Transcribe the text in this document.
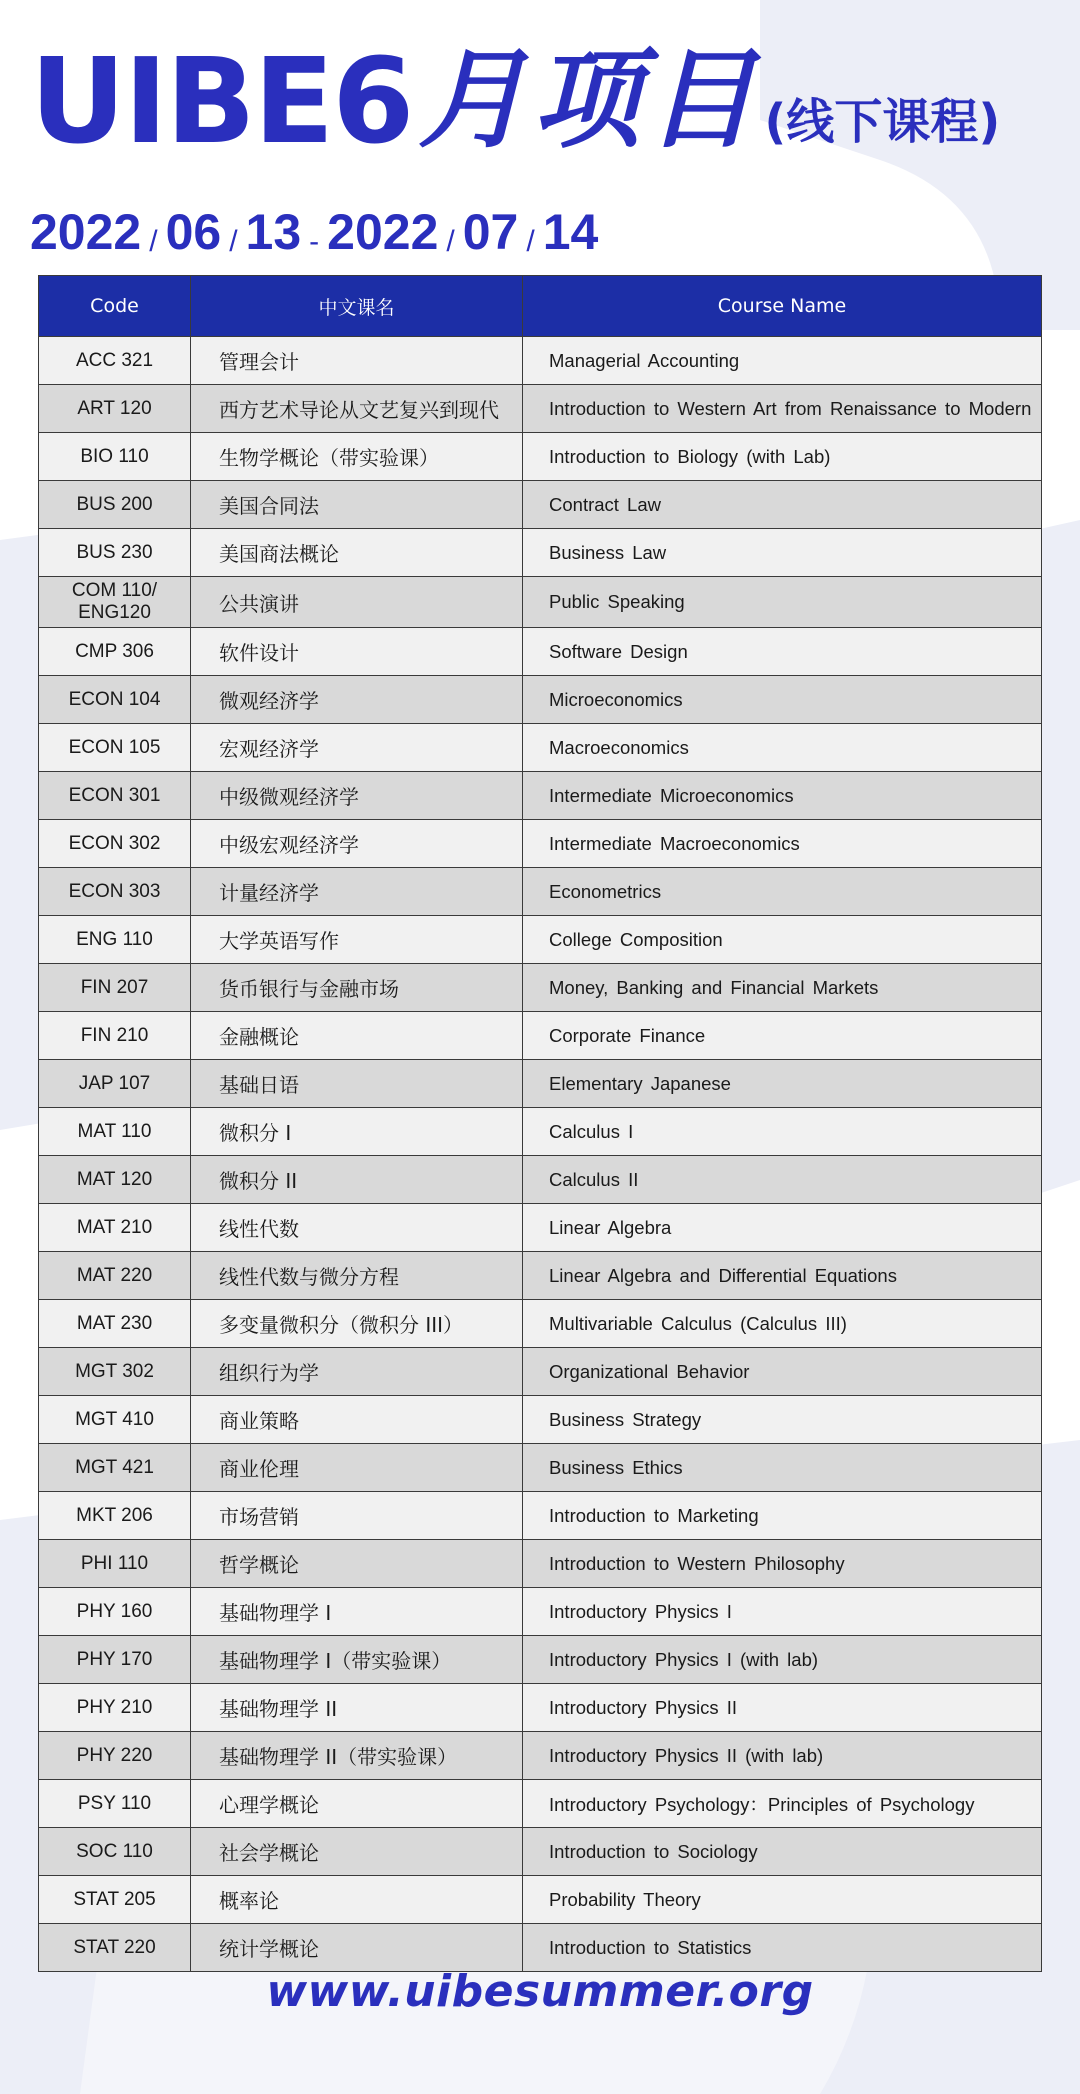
UIBE6 月项目 (线下课程)
2022 / 06 / 13 - 2022 / 07 / 14
Code	中文课名	Course Name
ACC 321	管理会计	Managerial Accounting
ART 120	西方艺术导论从文艺复兴到现代	Introduction to Western Art from Renaissance to Modern
BIO 110	生物学概论（带实验课）	Introduction to Biology (with Lab)
BUS 200	美国合同法	Contract Law
BUS 230	美国商法概论	Business Law
COM 110/ ENG120	公共演讲	Public Speaking
CMP 306	软件设计	Software Design
ECON 104	微观经济学	Microeconomics
ECON 105	宏观经济学	Macroeconomics
ECON 301	中级微观经济学	Intermediate Microeconomics
ECON 302	中级宏观经济学	Intermediate Macroeconomics
ECON 303	计量经济学	Econometrics
ENG 110	大学英语写作	College Composition
FIN 207	货币银行与金融市场	Money, Banking and Financial Markets
FIN 210	金融概论	Corporate Finance
JAP 107	基础日语	Elementary Japanese
MAT 110	微积分 I	Calculus I
MAT 120	微积分 II	Calculus II
MAT 210	线性代数	Linear Algebra
MAT 220	线性代数与微分方程	Linear Algebra and Differential Equations
MAT 230	多变量微积分（微积分 III）	Multivariable Calculus (Calculus III)
MGT 302	组织行为学	Organizational Behavior
MGT 410	商业策略	Business Strategy
MGT 421	商业伦理	Business Ethics
MKT 206	市场营销	Introduction to Marketing
PHI 110	哲学概论	Introduction to Western Philosophy
PHY 160	基础物理学 I	Introductory Physics I
PHY 170	基础物理学 I（带实验课）	Introductory Physics I (with lab)
PHY 210	基础物理学 II	Introductory Physics II
PHY 220	基础物理学 II（带实验课）	Introductory Physics II (with lab)
PSY 110	心理学概论	Introductory Psychology：Principles of Psychology
SOC 110	社会学概论	Introduction to Sociology
STAT 205	概率论	Probability Theory
STAT 220	统计学概论	Introduction to Statistics
www.uibesummer.org
